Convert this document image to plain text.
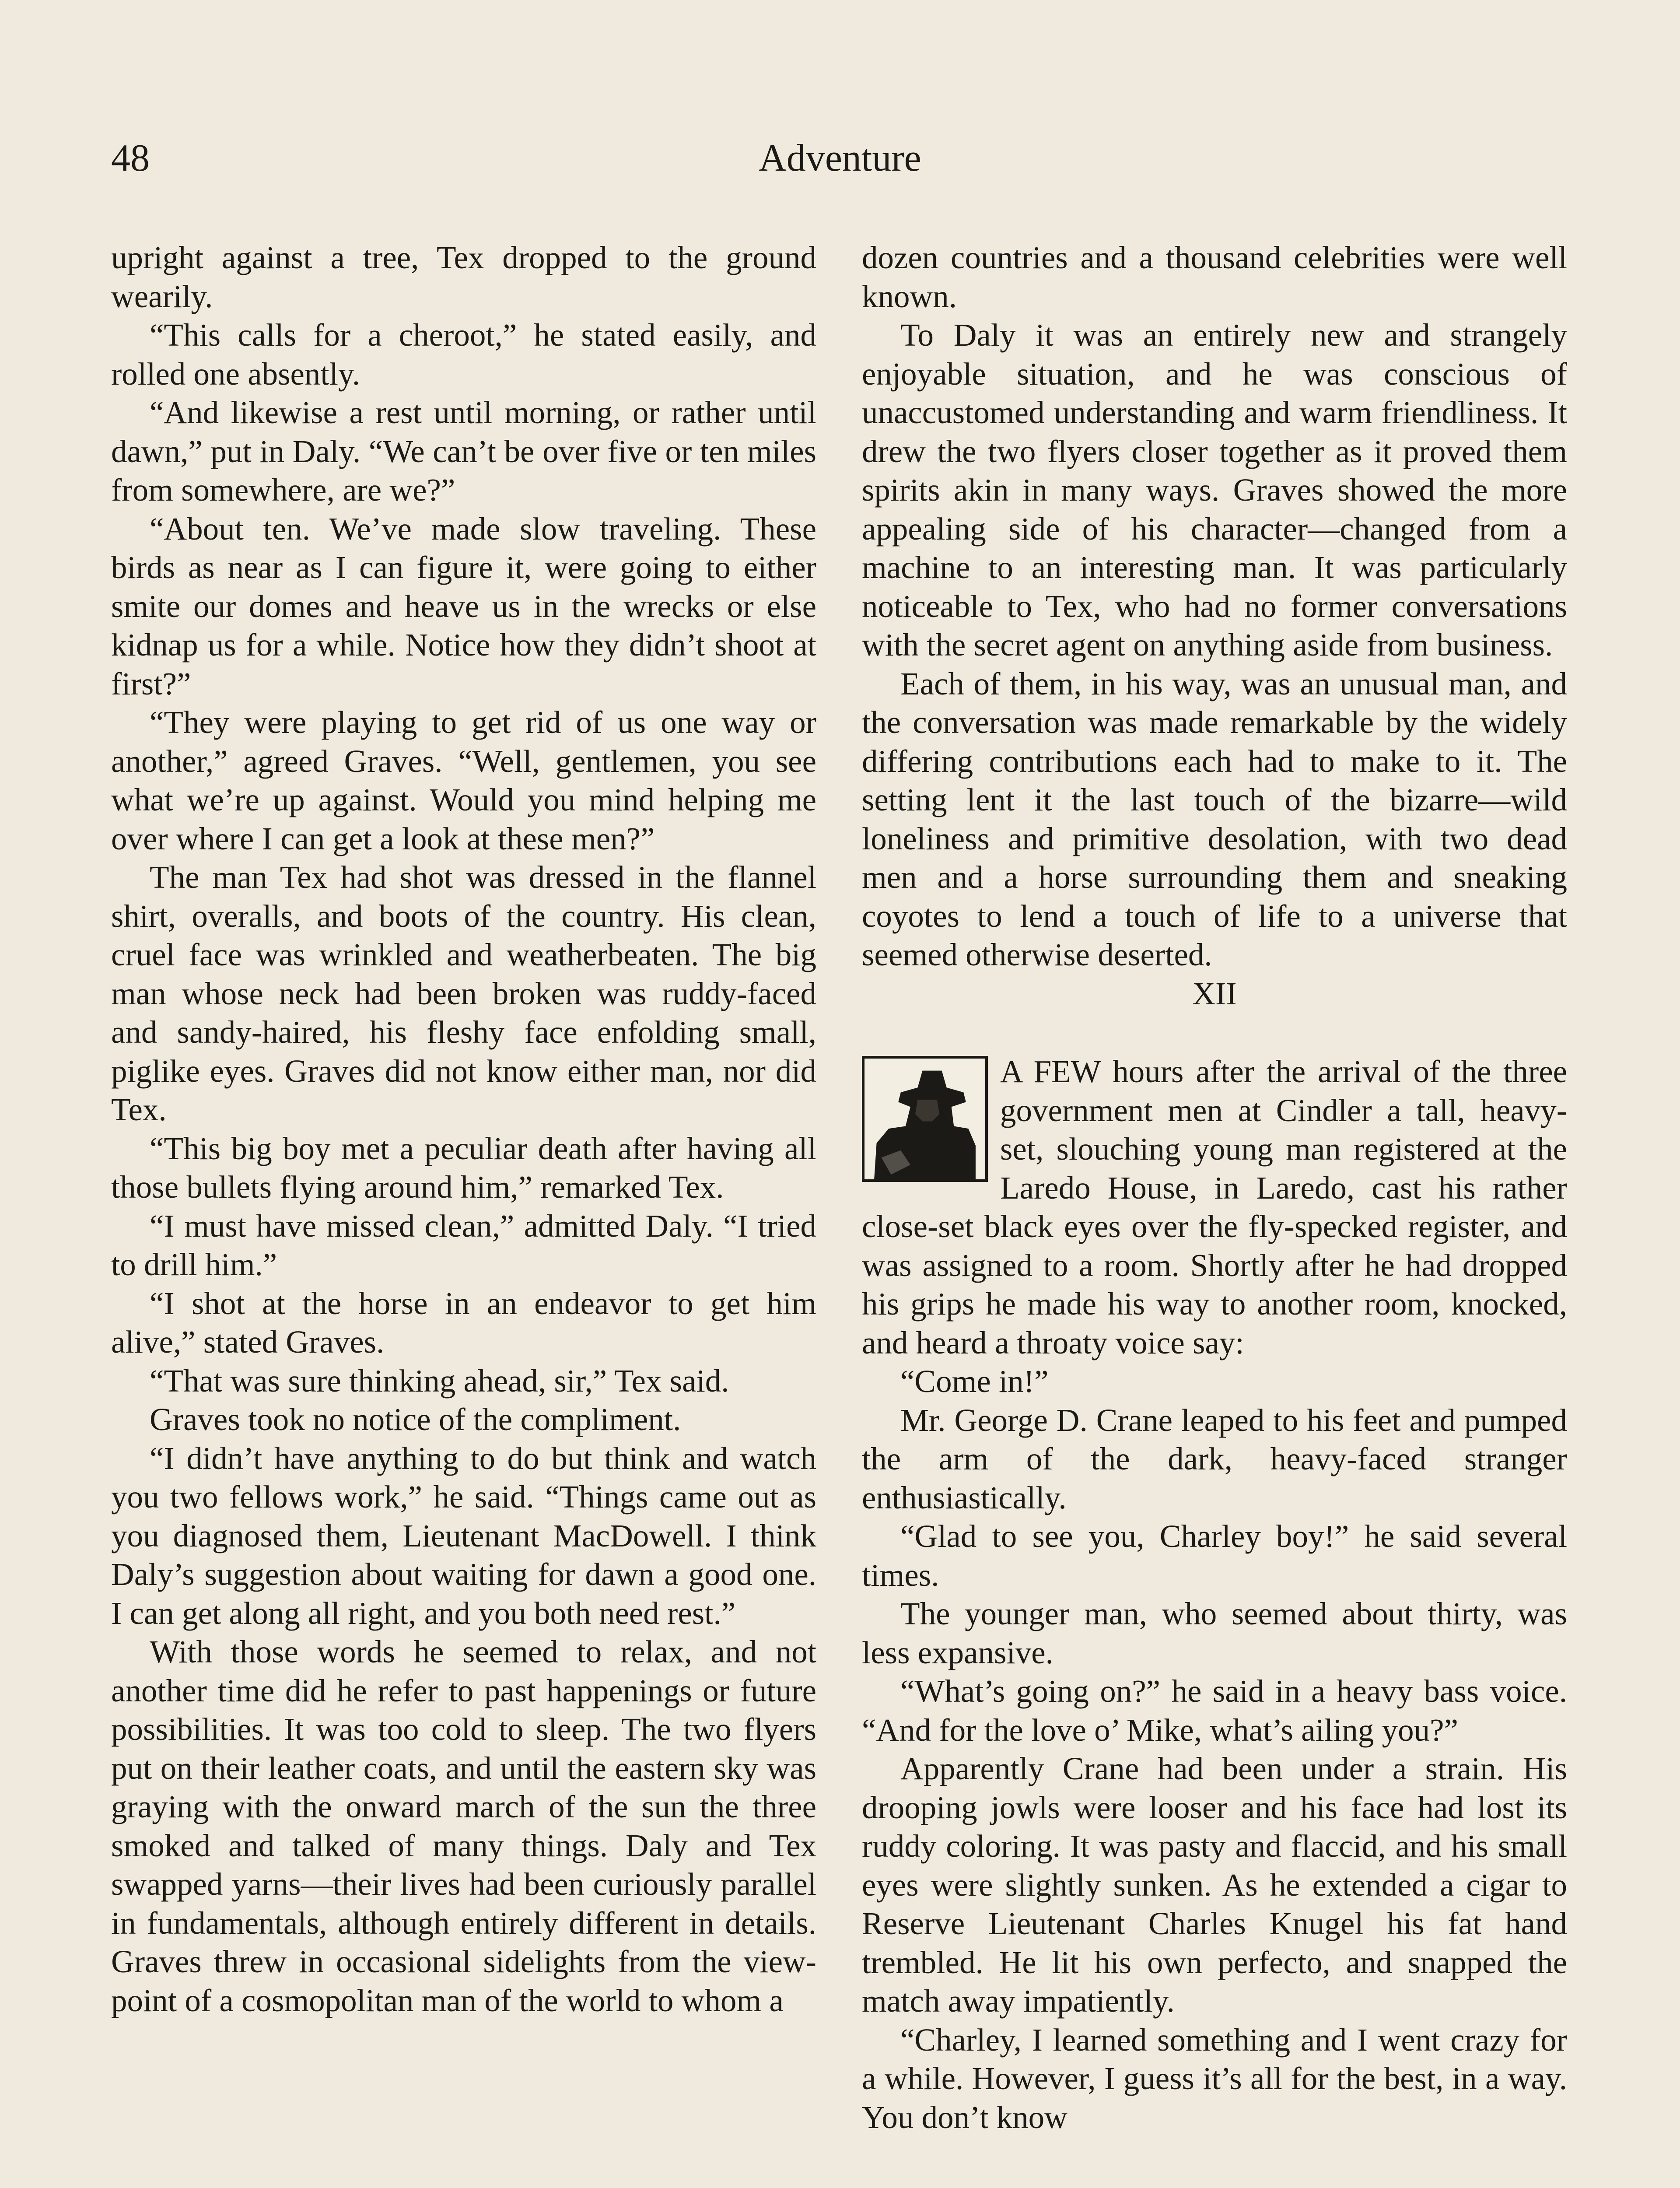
48	Adventure

upright against a tree, Tex dropped to the ground wearily.

“This calls for a cheroot,” he stated easily, and rolled one absently.

“And likewise a rest until morning, or rather until dawn,” put in Daly. “We can’t be over five or ten miles from somewhere, are we?”

“About ten. We’ve made slow traveling. These birds as near as I can figure it, were going to either smite our domes and heave us in the wrecks or else kidnap us for a while. Notice how they didn’t shoot at first?”

“They were playing to get rid of us one way or another,” agreed Graves. “Well, gentlemen, you see what we’re up against. Would you mind helping me over where I can get a look at these men?”

The man Tex had shot was dressed in the flannel shirt, overalls, and boots of the country. His clean, cruel face was wrinkled and weatherbeaten. The big man whose neck had been broken was ruddy-faced and sandy-haired, his fleshy face enfolding small, piglike eyes. Graves did not know either man, nor did Tex.

“This big boy met a peculiar death after having all those bullets flying around him,” remarked Tex.

“I must have missed clean,” admitted Daly. “I tried to drill him.”

“I shot at the horse in an endeavor to get him alive,” stated Graves.

“That was sure thinking ahead, sir,” Tex said.

Graves took no notice of the compliment.

“I didn’t have anything to do but think and watch you two fellows work,” he said. “Things came out as you diagnosed them, Lieutenant MacDowell. I think Daly’s suggestion about waiting for dawn a good one. I can get along all right, and you both need rest.”

With those words he seemed to relax, and not another time did he refer to past happenings or future possibilities. It was too cold to sleep. The two flyers put on their leather coats, and until the eastern sky was graying with the onward march of the sun the three smoked and talked of many things. Daly and Tex swapped yarns—their lives had been curiously parallel in fundamentals, although entirely different in details. Graves threw in occasional sidelights from the view-point of a cosmopolitan man of the world to whom a

dozen countries and a thousand celebrities were well known.

To Daly it was an entirely new and strangely enjoyable situation, and he was conscious of unaccustomed understanding and warm friendliness. It drew the two flyers closer together as it proved them spirits akin in many ways. Graves showed the more appealing side of his character—changed from a machine to an interesting man. It was particularly noticeable to Tex, who had no former conversations with the secret agent on anything aside from business.

Each of them, in his way, was an unusual man, and the conversation was made remarkable by the widely differing contributions each had to make to it. The setting lent it the last touch of the bizarre—wild loneliness and primitive desolation, with two dead men and a horse surrounding them and sneaking coyotes to lend a touch of life to a universe that seemed otherwise deserted.

XII

A FEW hours after the arrival of the three government men at Cindler a tall, heavy-set, slouching young man registered at the Laredo House, in Laredo, cast his rather close-set black eyes over the fly-specked register, and was assigned to a room. Shortly after he had dropped his grips he made his way to another room, knocked, and heard a throaty voice say:

“Come in!”

Mr. George D. Crane leaped to his feet and pumped the arm of the dark, heavy-faced stranger enthusiastically.

“Glad to see you, Charley boy!” he said several times.

The younger man, who seemed about thirty, was less expansive.

“What’s going on?” he said in a heavy bass voice. “And for the love o’ Mike, what’s ailing you?”

Apparently Crane had been under a strain. His drooping jowls were looser and his face had lost its ruddy coloring. It was pasty and flaccid, and his small eyes were slightly sunken. As he extended a cigar to Reserve Lieutenant Charles Knugel his fat hand trembled. He lit his own perfecto, and snapped the match away impatiently.

“Charley, I learned something and I went crazy for a while. However, I guess it’s all for the best, in a way. You don’t know
